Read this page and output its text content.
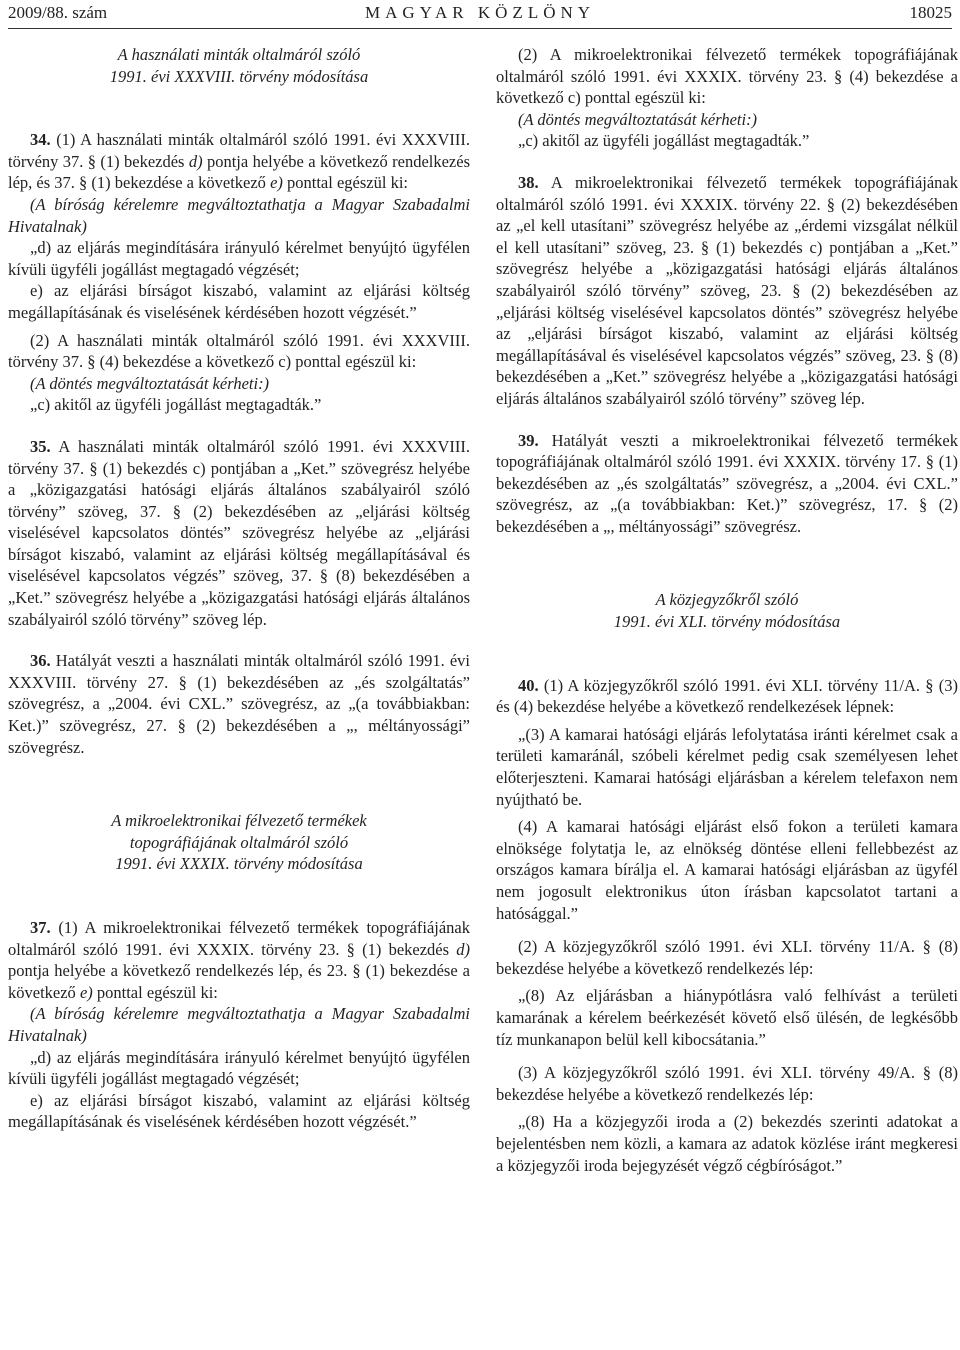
2009/88. szám	MAGYAR KÖZLÖNY	18025

A használati minták oltalmáról szóló
1991. évi XXXVIII. törvény módosítása

34. (1) A használati minták oltalmáról szóló 1991. évi XXXVIII. törvény 37. § (1) bekezdés d) pontja helyébe a következő rendelkezés lép, és 37. § (1) bekezdése a következő e) ponttal egészül ki:

(A bíróság kérelemre megváltoztathatja a Magyar Szabadalmi Hivatalnak)

„d) az eljárás megindítására irányuló kérelmet benyújtó ügyfélen kívüli ügyféli jogállást megtagadó végzését;

e) az eljárási bírságot kiszabó, valamint az eljárási költség megállapításának és viselésének kérdésében hozott végzését.”

(2) A használati minták oltalmáról szóló 1991. évi XXXVIII. törvény 37. § (4) bekezdése a következő c) ponttal egészül ki:

(A döntés megváltoztatását kérheti:)

„c) akitől az ügyféli jogállást megtagadták.”

35. A használati minták oltalmáról szóló 1991. évi XXXVIII. törvény 37. § (1) bekezdés c) pontjában a „Ket.” szövegrész helyébe a „közigazgatási hatósági eljárás általános szabályairól szóló törvény” szöveg, 37. § (2) bekezdésében az „eljárási költség viselésével kapcsolatos döntés” szövegrész helyébe az „eljárási bírságot kiszabó, valamint az eljárási költség megállapításával és viselésével kapcsolatos végzés” szöveg, 37. § (8) bekezdésében a „Ket.” szövegrész helyébe a „közigazgatási hatósági eljárás általános szabályairól szóló törvény” szöveg lép.

36. Hatályát veszti a használati minták oltalmáról szóló 1991. évi XXXVIII. törvény 27. § (1) bekezdésében az „és szolgáltatás” szövegrész, a „2004. évi CXL.” szövegrész, az „(a továbbiakban: Ket.)” szövegrész, 27. § (2) bekezdésében a „, méltányossági” szövegrész.

A mikroelektronikai félvezető termékek
topográfiájának oltalmáról szóló
1991. évi XXXIX. törvény módosítása

37. (1) A mikroelektronikai félvezető termékek topográfiájának oltalmáról szóló 1991. évi XXXIX. törvény 23. § (1) bekezdés d) pontja helyébe a következő rendelkezés lép, és 23. § (1) bekezdése a következő e) ponttal egészül ki:

(A bíróság kérelemre megváltoztathatja a Magyar Szabadalmi Hivatalnak)

„d) az eljárás megindítására irányuló kérelmet benyújtó ügyfélen kívüli ügyféli jogállást megtagadó végzését;

e) az eljárási bírságot kiszabó, valamint az eljárási költség megállapításának és viselésének kérdésében hozott végzését.”

(2) A mikroelektronikai félvezető termékek topográfiájának oltalmáról szóló 1991. évi XXXIX. törvény 23. § (4) bekezdése a következő c) ponttal egészül ki:

(A döntés megváltoztatását kérheti:)

„c) akitől az ügyféli jogállást megtagadták.”

38. A mikroelektronikai félvezető termékek topográfiájának oltalmáról szóló 1991. évi XXXIX. törvény 22. § (2) bekezdésében az „el kell utasítani” szövegrész helyébe az „érdemi vizsgálat nélkül el kell utasítani” szöveg, 23. § (1) bekezdés c) pontjában a „Ket.” szövegrész helyébe a „közigazgatási hatósági eljárás általános szabályairól szóló törvény” szöveg, 23. § (2) bekezdésében az „eljárási költség viselésével kapcsolatos döntés” szövegrész helyébe az „eljárási bírságot kiszabó, valamint az eljárási költség megállapításával és viselésével kapcsolatos végzés” szöveg, 23. § (8) bekezdésében a „Ket.” szövegrész helyébe a „közigazgatási hatósági eljárás általános szabályairól szóló törvény” szöveg lép.

39. Hatályát veszti a mikroelektronikai félvezető termékek topográfiájának oltalmáról szóló 1991. évi XXXIX. törvény 17. § (1) bekezdésében az „és szolgáltatás” szövegrész, a „2004. évi CXL.” szövegrész, az „(a továbbiakban: Ket.)” szövegrész, 17. § (2) bekezdésében a „, méltányossági” szövegrész.

A közjegyzőkről szóló
1991. évi XLI. törvény módosítása

40. (1) A közjegyzőkről szóló 1991. évi XLI. törvény 11/A. § (3) és (4) bekezdése helyébe a következő rendelkezések lépnek:

„(3) A kamarai hatósági eljárás lefolytatása iránti kérelmet csak a területi kamaránál, szóbeli kérelmet pedig csak személyesen lehet előterjeszteni. Kamarai hatósági eljárásban a kérelem telefaxon nem nyújtható be.

(4) A kamarai hatósági eljárást első fokon a területi kamara elnöksége folytatja le, az elnökség döntése elleni fellebbezést az országos kamara bírálja el. A kamarai hatósági eljárásban az ügyfél nem jogosult elektronikus úton írásban kapcsolatot tartani a hatósággal.”

(2) A közjegyzőkről szóló 1991. évi XLI. törvény 11/A. § (8) bekezdése helyébe a következő rendelkezés lép:

„(8) Az eljárásban a hiánypótlásra való felhívást a területi kamarának a kérelem beérkezését követő első ülésén, de legkésőbb tíz munkanapon belül kell kibocsátania.”

(3) A közjegyzőkről szóló 1991. évi XLI. törvény 49/A. § (8) bekezdése helyébe a következő rendelkezés lép:

„(8) Ha a közjegyzői iroda a (2) bekezdés szerinti adatokat a bejelentésben nem közli, a kamara az adatok közlése iránt megkeresi a közjegyzői iroda bejegyzését végző cégbíróságot.”
